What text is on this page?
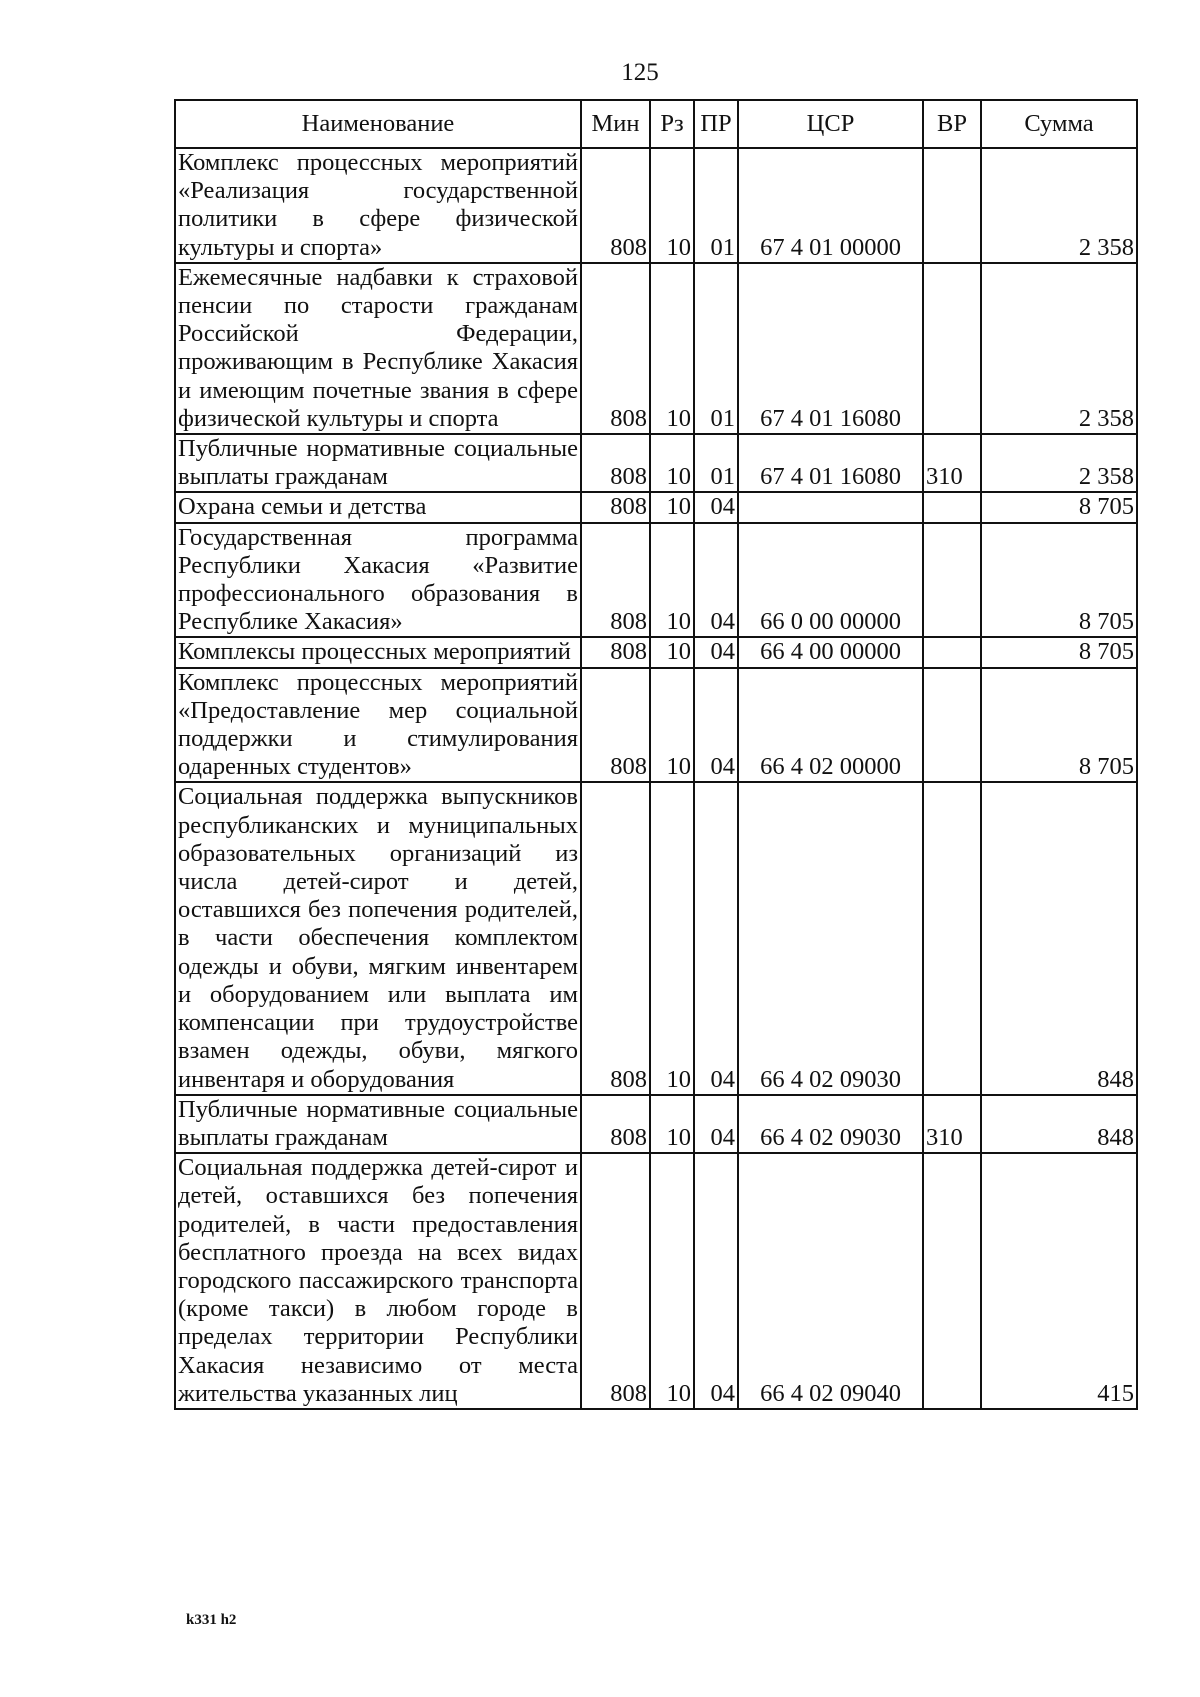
125
Наименование	Мин	Рз	ПР	ЦСР	ВР	Сумма
Комплекс процессных мероприятий «Реализация государственной политики в сфере физической культуры и спорта»	808	10	01	67 4 01 00000		2 358
Ежемесячные надбавки к страховой пенсии по старости гражданам Российской Федерации, проживающим в Республике Хакасия и имеющим почетные звания в сфере физической культуры и спорта	808	10	01	67 4 01 16080		2 358
Публичные нормативные социальные выплаты гражданам	808	10	01	67 4 01 16080	310	2 358
Охрана семьи и детства	808	10	04			8 705
Государственная программа Республики Хакасия «Развитие профессионального образования в Республике Хакасия»	808	10	04	66 0 00 00000		8 705
Комплексы процессных мероприятий	808	10	04	66 4 00 00000		8 705
Комплекс процессных мероприятий «Предоставление мер социальной поддержки и стимулирования одаренных студентов»	808	10	04	66 4 02 00000		8 705
Социальная поддержка выпускников республиканских и муниципальных образовательных организаций из числа детей-сирот и детей, оставшихся без попечения родителей, в части обеспечения комплектом одежды и обуви, мягким инвентарем и оборудованием или выплата им компенсации при трудоустройстве взамен одежды, обуви, мягкого инвентаря и оборудования	808	10	04	66 4 02 09030		848
Публичные нормативные социальные выплаты гражданам	808	10	04	66 4 02 09030	310	848
Социальная поддержка детей-сирот и детей, оставшихся без попечения родителей, в части предоставления бесплатного проезда на всех видах городского пассажирского транспорта (кроме такси) в любом городе в пределах территории Республики Хакасия независимо от места жительства указанных лиц	808	10	04	66 4 02 09040		415
k331 h2
